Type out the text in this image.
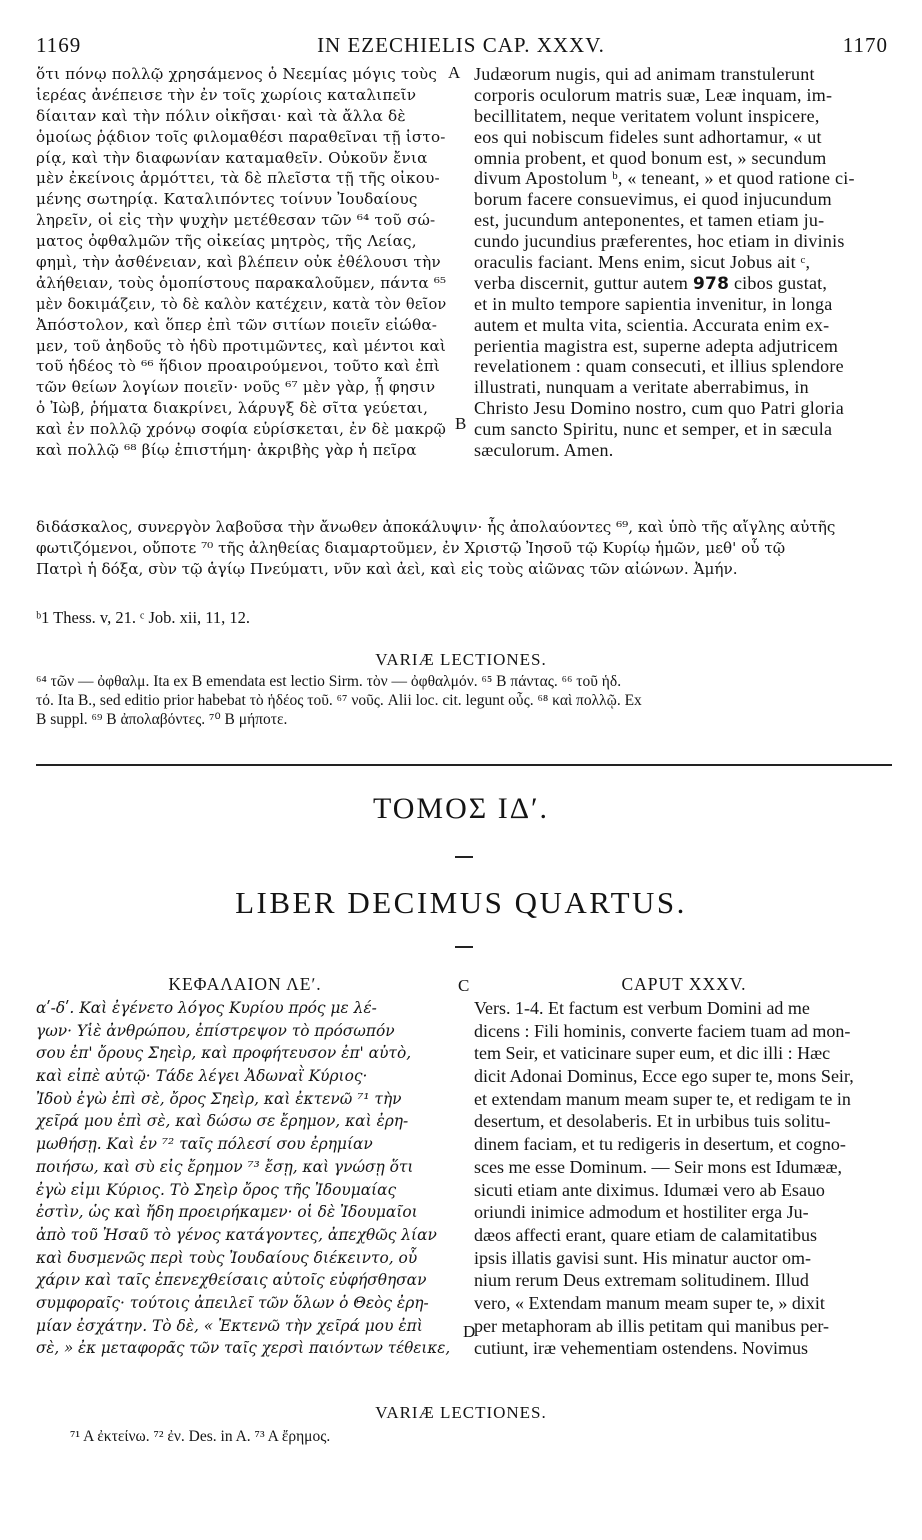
1169	IN EZECHIELIS CAP. XXXV.	1170
ὅτι πόνῳ πολλῷ χρησάμενος ὁ Νεεμίας μόγις τοὺς
ἱερέας ἀνέπεισε τὴν ἐν τοῖς χωρίοις καταλιπεῖν
δίαιταν καὶ τὴν πόλιν οἰκῆσαι· καὶ τὰ ἄλλα δὲ
ὁμοίως ῥᾴδιον τοῖς φιλομαθέσι παραθεῖναι τῇ ἱστο-
ρίᾳ, καὶ τὴν διαφωνίαν καταμαθεῖν. Οὐκοῦν ἔνια
μὲν ἐκείνοις ἁρμόττει, τὰ δὲ πλεῖστα τῇ τῆς οἰκου-
μένης σωτηρίᾳ. Καταλιπόντες τοίνυν Ἰουδαίους
ληρεῖν, οἱ εἰς τὴν ψυχὴν μετέθεσαν τῶν ⁶⁴ τοῦ σώ-
ματος ὀφθαλμῶν τῆς οἰκείας μητρὸς, τῆς Λείας,
φημὶ, τὴν ἀσθένειαν, καὶ βλέπειν οὐκ ἐθέλουσι τὴν
ἀλήθειαν, τοὺς ὁμοπίστους παρακαλοῦμεν, πάντα ⁶⁵
μὲν δοκιμάζειν, τὸ δὲ καλὸν κατέχειν, κατὰ τὸν θεῖον
Ἀπόστολον, καὶ ὅπερ ἐπὶ τῶν σιτίων ποιεῖν εἰώθα-
μεν, τοῦ ἀηδοῦς τὸ ἡδὺ προτιμῶντες, καὶ μέντοι καὶ
τοῦ ἡδέος τὸ ⁶⁶ ἥδιον προαιρούμενοι, τοῦτο καὶ ἐπὶ
τῶν θείων λογίων ποιεῖν· νοῦς ⁶⁷ μὲν γὰρ, ᾗ φησιν
ὁ Ἰὼβ, ῥήματα διακρίνει, λάρυγξ δὲ σῖτα γεύεται,
καὶ ἐν πολλῷ χρόνῳ σοφία εὑρίσκεται, ἐν δὲ μακρῷ
καὶ πολλῷ ⁶⁸ βίῳ ἐπιστήμη· ἀκριβὴς γὰρ ἡ πεῖρα
Judæorum nugis, qui ad animam transtulerunt
corporis oculorum matris suæ, Leæ inquam, im-
becillitatem, neque veritatem volunt inspicere,
eos qui nobiscum fideles sunt adhortamur, « ut
omnia probent, et quod bonum est, » secundum
divum Apostolum ᵇ, « teneant, » et quod ratione ci-
borum facere consuevimus, ei quod injucundum
est, jucundum anteponentes, et tamen etiam ju-
cundo jucundius præferentes, hoc etiam in divinis
oraculis faciant. Mens enim, sicut Jobus ait ᶜ,
verba discernit, guttur autem 978 cibos gustat,
et in multo tempore sapientia invenitur, in longa
autem et multa vita, scientia. Accurata enim ex-
perientia magistra est, superne adepta adjutricem
revelationem : quam consecuti, et illius splendore
illustrati, nunquam a veritate aberrabimus, in
Christo Jesu Domino nostro, cum quo Patri gloria
cum sancto Spiritu, nunc et semper, et in sæcula
sæculorum. Amen.
A
B
διδάσκαλος, συνεργὸν λαβοῦσα τὴν ἄνωθεν ἀποκάλυψιν· ἧς ἀπολαύοντες ⁶⁹, καὶ ὑπὸ τῆς αἴγλης αὐτῆς
φωτιζόμενοι, οὔποτε ⁷⁰ τῆς ἀληθείας διαμαρτοῦμεν, ἐν Χριστῷ Ἰησοῦ τῷ Κυρίῳ ἡμῶν, μεθ' οὗ τῷ
Πατρὶ ἡ δόξα, σὺν τῷ ἁγίῳ Πνεύματι, νῦν καὶ ἀεὶ, καὶ εἰς τοὺς αἰῶνας τῶν αἰώνων. Ἀμήν.
ᵇ1 Thess. v, 21. ᶜ Job. xii, 11, 12.
VARIÆ LECTIONES.
⁶⁴ τῶν — ὀφθαλμ. Ita ex B emendata est lectio Sirm. τὸν — ὀφθαλμόν. ⁶⁵ B πάντας. ⁶⁶ τοῦ ἡδ.
τό. Ita B., sed editio prior habebat τὸ ἡδέος τοῦ. ⁶⁷ νοῦς. Alii loc. cit. legunt οὖς. ⁶⁸ καὶ πολλῷ. Ex
B suppl. ⁶⁹ B ἀπολαβόντες. ⁷⁰ B μήποτε.
ΤΟΜΟΣ ΙΔʹ.
LIBER DECIMUS QUARTUS.
ΚΕΦΑΛΑΙΟΝ ΛΕʹ.	C	CAPUT XXXV.
αʹ-δʹ. Καὶ ἐγένετο λόγος Κυρίου πρός με λέ-
γων· Υἱὲ ἀνθρώπου, ἐπίστρεψον τὸ πρόσωπόν
σου ἐπ' ὄρους Σηεὶρ, καὶ προφήτευσον ἐπ' αὐτὸ,
καὶ εἰπὲ αὐτῷ· Τάδε λέγει Ἀδωναῒ Κύριος·
Ἰδοὺ ἐγὼ ἐπὶ σὲ, ὄρος Σηεὶρ, καὶ ἐκτενῶ ⁷¹ τὴν
χεῖρά μου ἐπὶ σὲ, καὶ δώσω σε ἔρημον, καὶ ἐρη-
μωθήσῃ. Καὶ ἐν ⁷² ταῖς πόλεσί σου ἐρημίαν
ποιήσω, καὶ σὺ εἰς ἔρημον ⁷³ ἔσῃ, καὶ γνώσῃ ὅτι
ἐγὼ εἰμι Κύριος. Τὸ Σηεὶρ ὄρος τῆς Ἰδουμαίας
ἐστὶν, ὡς καὶ ἤδη προειρήκαμεν· οἱ δὲ Ἰδουμαῖοι
ἀπὸ τοῦ Ἠσαῦ τὸ γένος κατάγοντες, ἀπεχθῶς λίαν
καὶ δυσμενῶς περὶ τοὺς Ἰουδαίους διέκειντο, οὗ
χάριν καὶ ταῖς ἐπενεχθείσαις αὐτοῖς εὐφήσθησαν
συμφοραῖς· τούτοις ἀπειλεῖ τῶν ὅλων ὁ Θεὸς ἐρη-
μίαν ἐσχάτην. Τὸ δὲ, « Ἐκτενῶ τὴν χεῖρά μου ἐπὶ
σὲ, » ἐκ μεταφορᾶς τῶν ταῖς χερσὶ παιόντων τέθεικε,
Vers. 1-4. Et factum est verbum Domini ad me
dicens : Fili hominis, converte faciem tuam ad mon-
tem Seir, et vaticinare super eum, et dic illi : Hæc
dicit Adonai Dominus, Ecce ego super te, mons Seir,
et extendam manum meam super te, et redigam te in
desertum, et desolaberis. Et in urbibus tuis solitu-
dinem faciam, et tu redigeris in desertum, et cogno-
sces me esse Dominum. — Seir mons est Idumææ,
sicuti etiam ante diximus. Idumæi vero ab Esauo
oriundi inimice admodum et hostiliter erga Ju-
dæos affecti erant, quare etiam de calamitatibus
ipsis illatis gavisi sunt. His minatur auctor om-
nium rerum Deus extremam solitudinem. Illud
vero, « Extendam manum meam super te, » dixit
per metaphoram ab illis petitam qui manibus per-
cutiunt, iræ vehementiam ostendens. Novimus
D
VARIÆ LECTIONES.
⁷¹ A ἐκτείνω. ⁷² ἐν. Des. in A. ⁷³ A ἔρημος.
